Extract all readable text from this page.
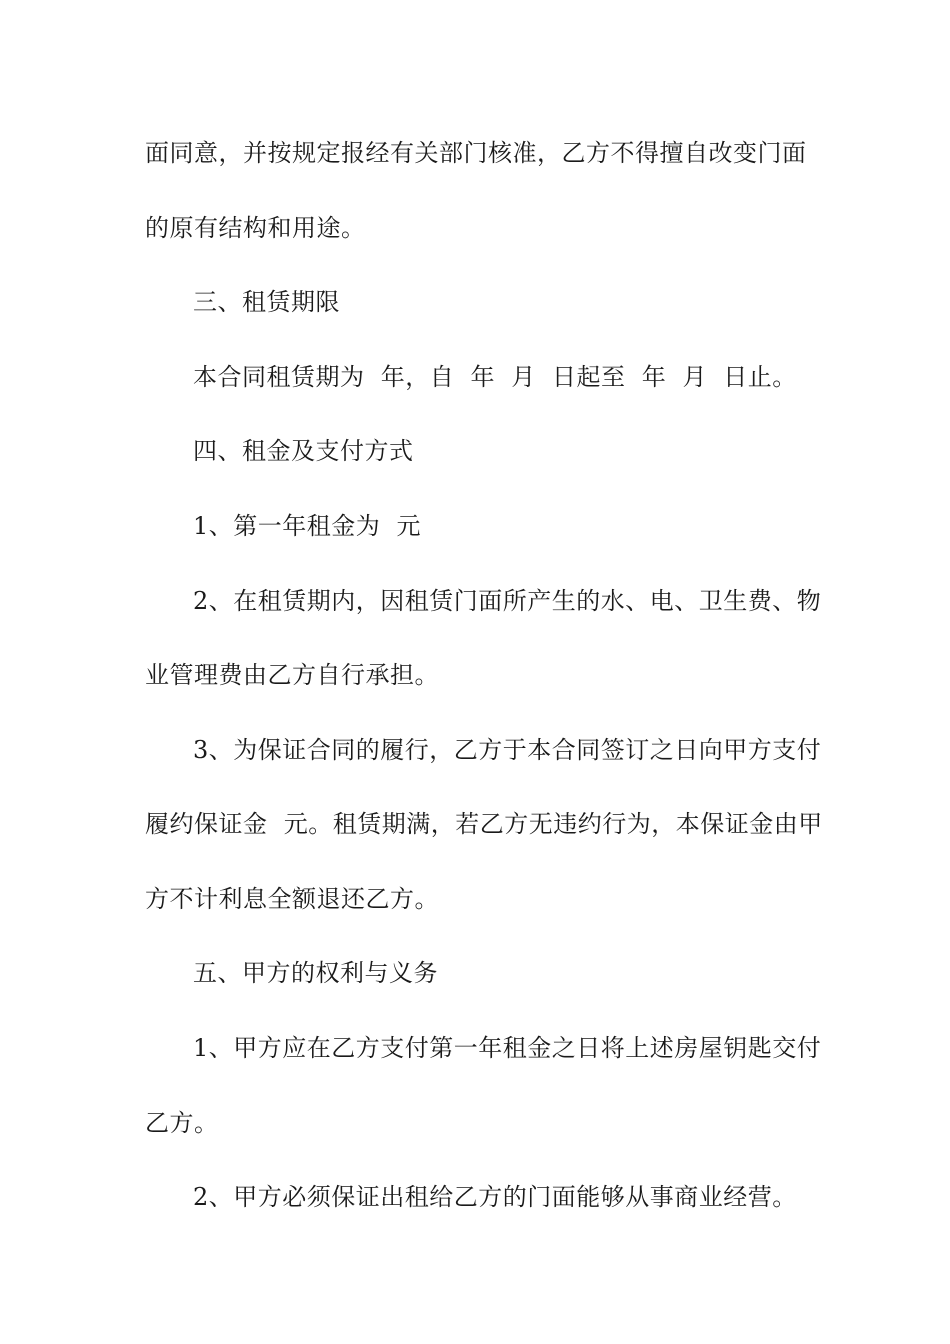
面同意，并按规定报经有关部门核准，乙方不得擅自改变门面
的原有结构和用途。
三、租赁期限
本合同租赁期为  年，自  年  月  日起至  年  月  日止。
四、租金及支付方式
1、第一年租金为  元
2、在租赁期内，因租赁门面所产生的水、电、卫生费、物
业管理费由乙方自行承担。
3、为保证合同的履行，乙方于本合同签订之日向甲方支付
履约保证金  元。租赁期满，若乙方无违约行为，本保证金由甲
方不计利息全额退还乙方。
五、甲方的权利与义务
1、甲方应在乙方支付第一年租金之日将上述房屋钥匙交付
乙方。
2、甲方必须保证出租给乙方的门面能够从事商业经营。
